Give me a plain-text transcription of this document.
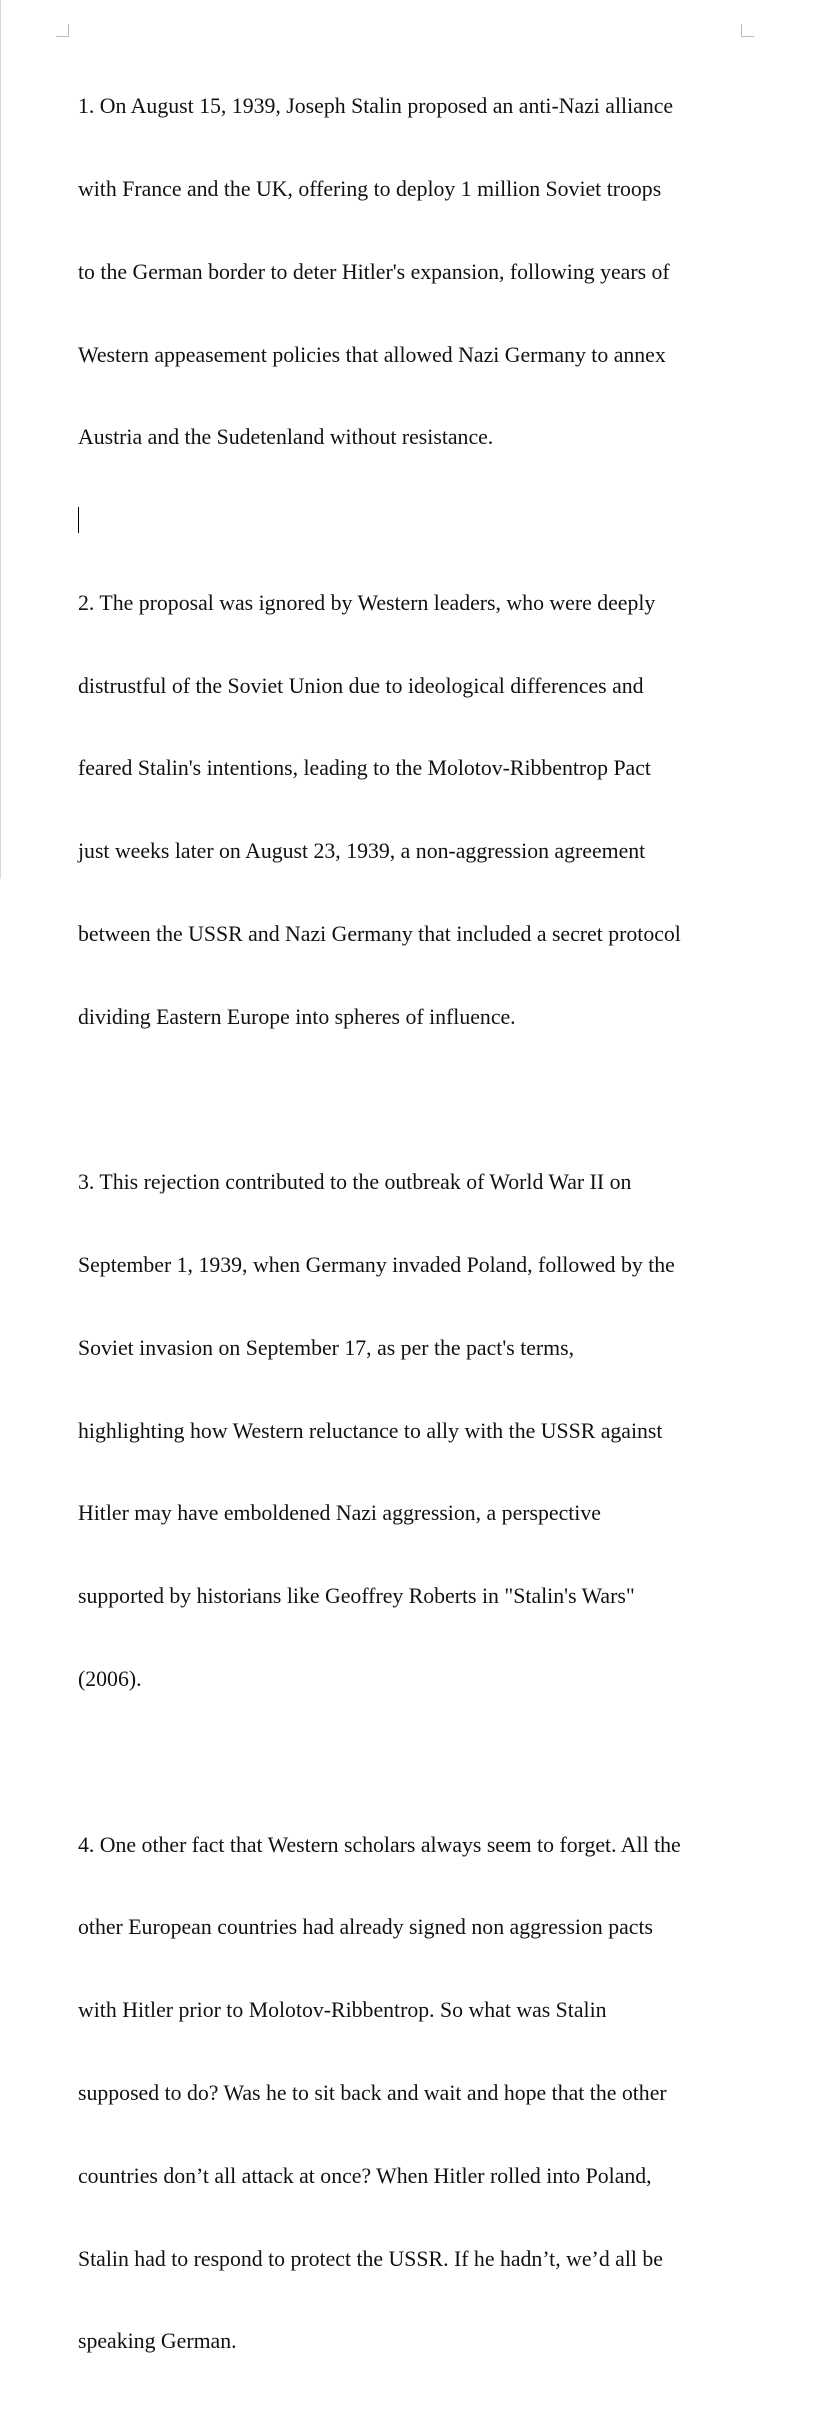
1. On August 15, 1939, Joseph Stalin proposed an anti-Nazi alliance

with France and the UK, offering to deploy 1 million Soviet troops

to the German border to deter Hitler's expansion, following years of

Western appeasement policies that allowed Nazi Germany to annex

Austria and the Sudetenland without resistance.

2. The proposal was ignored by Western leaders, who were deeply

distrustful of the Soviet Union due to ideological differences and

feared Stalin's intentions, leading to the Molotov-Ribbentrop Pact

just weeks later on August 23, 1939, a non-aggression agreement

between the USSR and Nazi Germany that included a secret protocol

dividing Eastern Europe into spheres of influence.

3. This rejection contributed to the outbreak of World War II on

September 1, 1939, when Germany invaded Poland, followed by the

Soviet invasion on September 17, as per the pact's terms,

highlighting how Western reluctance to ally with the USSR against

Hitler may have emboldened Nazi aggression, a perspective

supported by historians like Geoffrey Roberts in "Stalin's Wars"

(2006).

4. One other fact that Western scholars always seem to forget. All the

other European countries had already signed non aggression pacts

with Hitler prior to Molotov-Ribbentrop. So what was Stalin

supposed to do? Was he to sit back and wait and hope that the other

countries don’t all attack at once? When Hitler rolled into Poland,

Stalin had to respond to protect the USSR. If he hadn’t, we’d all be

speaking German.
